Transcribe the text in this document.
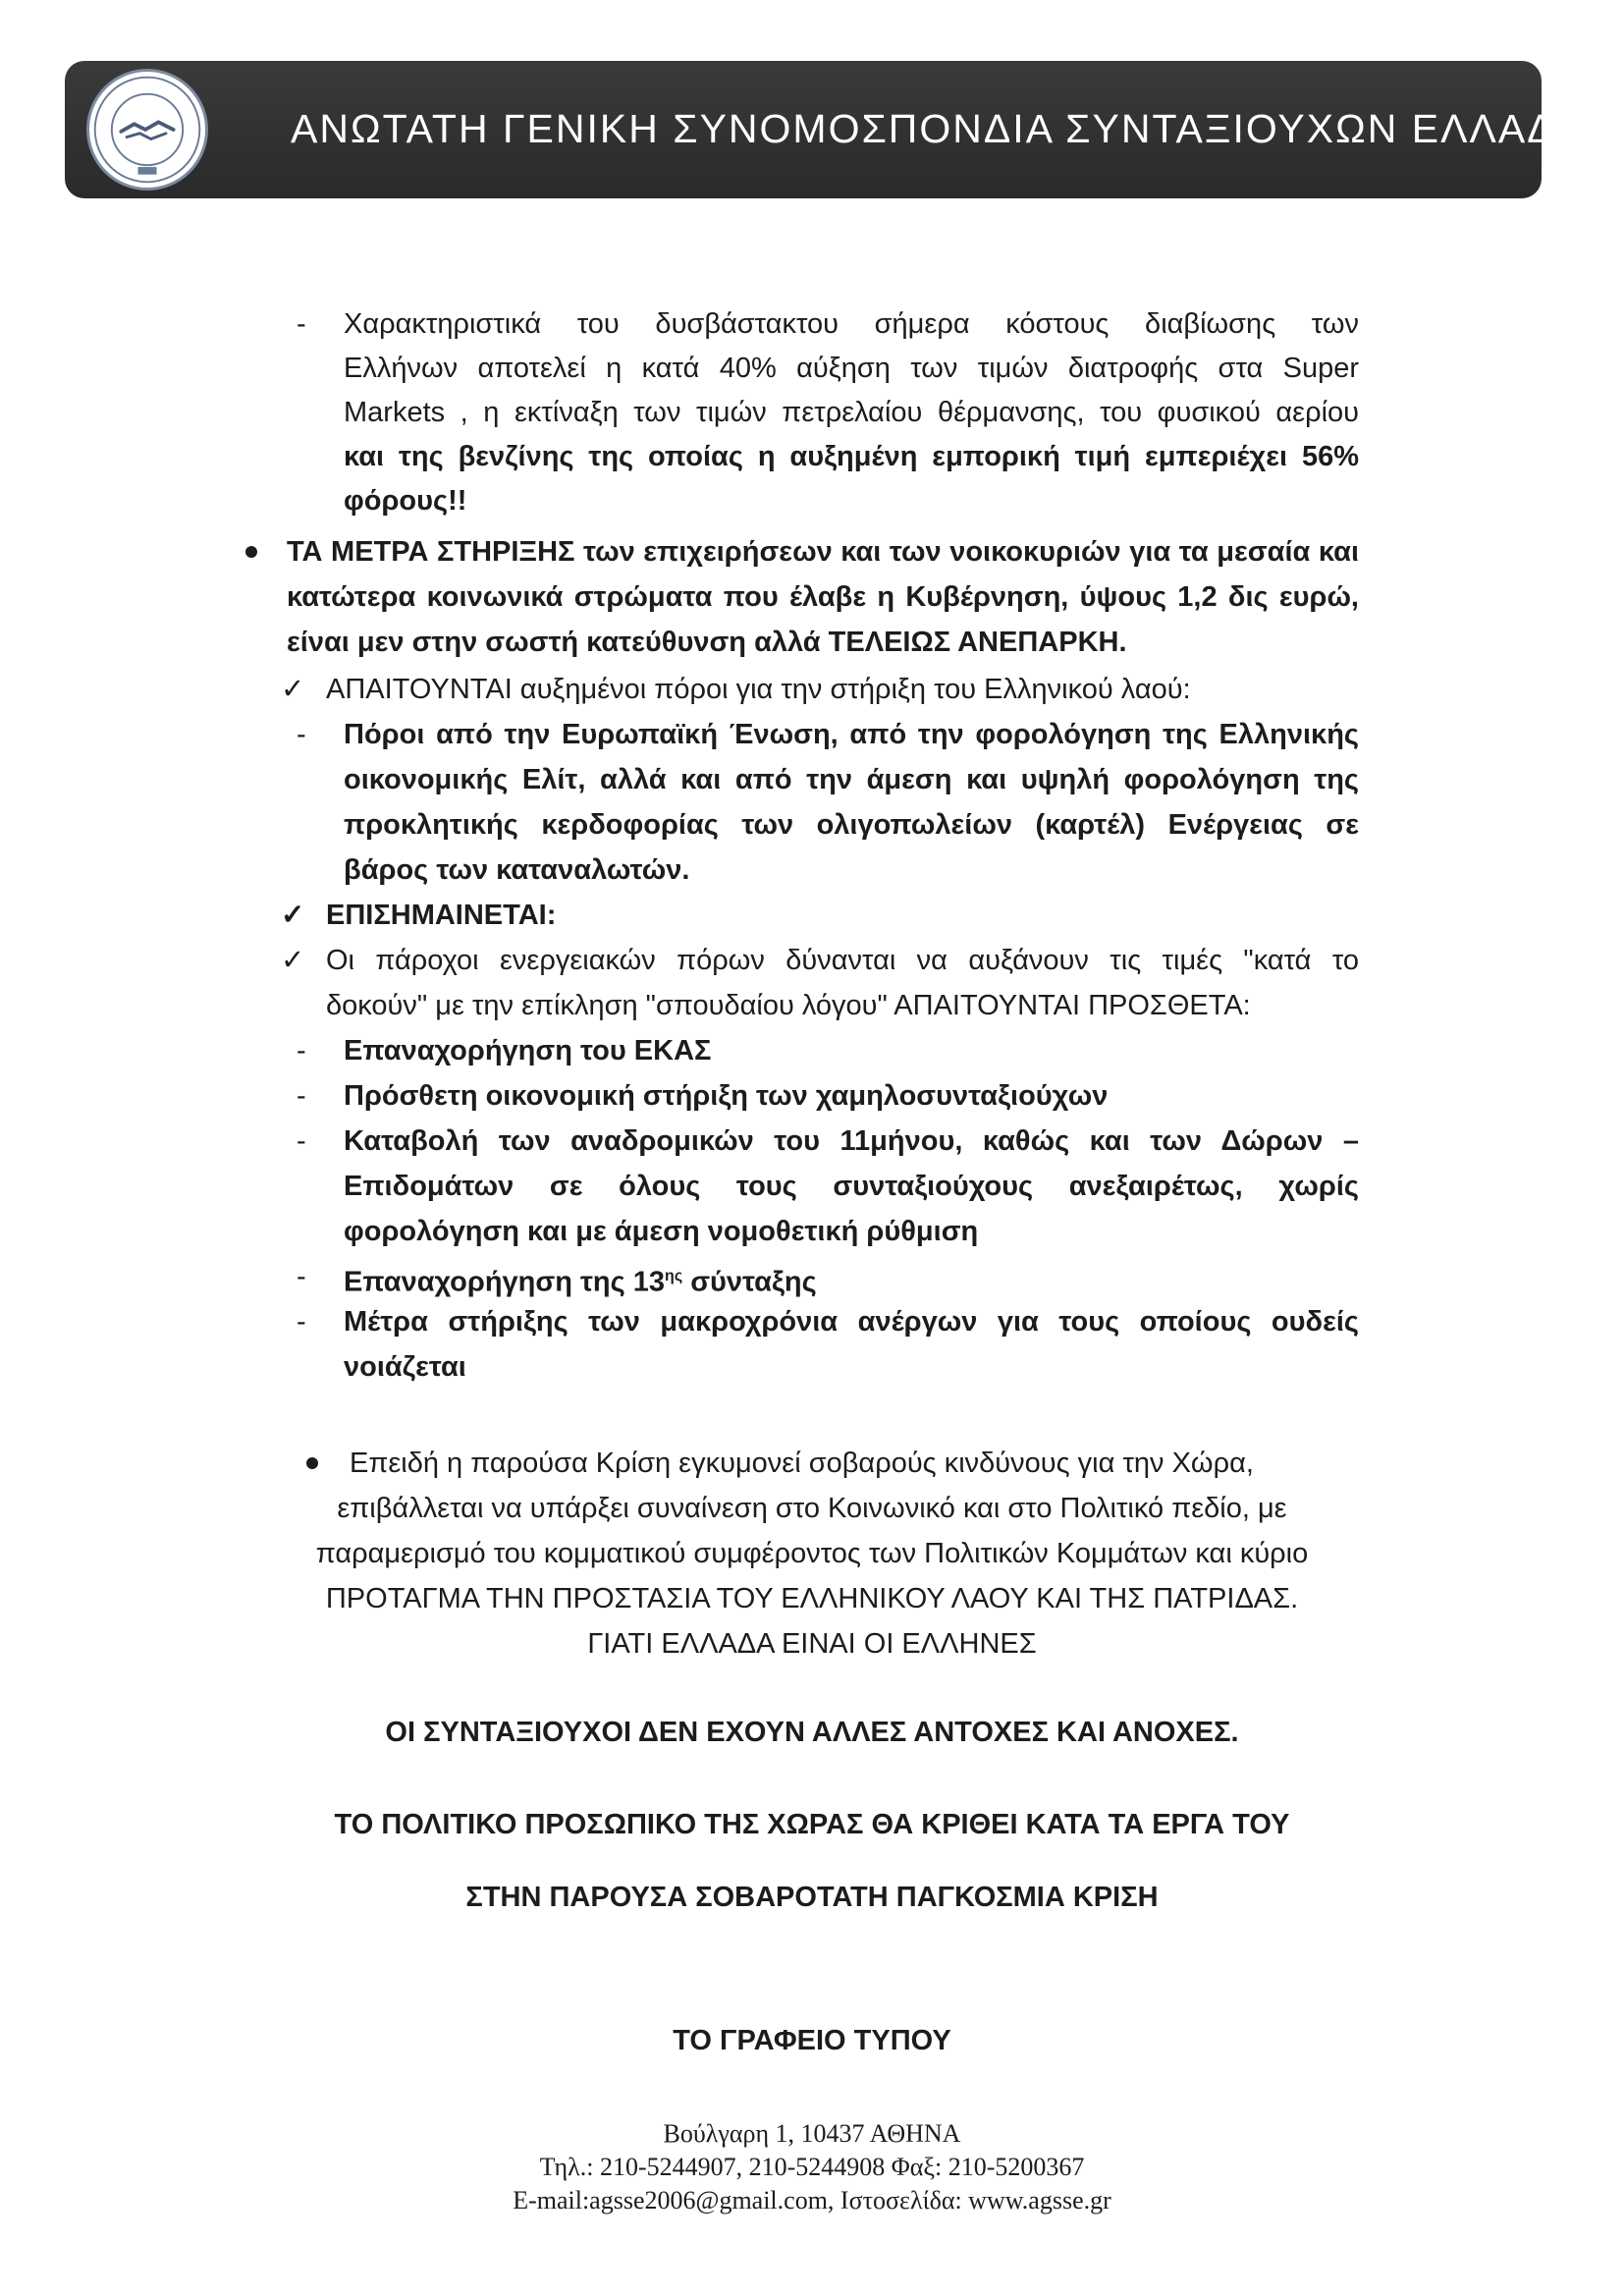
ΑΝΩΤΑΤΗ ΓΕΝΙΚΗ ΣΥΝΟΜΟΣΠΟΝΔΙΑ ΣΥΝΤΑΞΙΟΥΧΩΝ ΕΛΛΑΔΟΣ
- Χαρακτηριστικά του δυσβάστακτου σήμερα κόστους διαβίωσης των
Ελλήνων αποτελεί η κατά 40% αύξηση των τιμών διατροφής στα Super
Markets , η εκτίναξη των τιμών πετρελαίου θέρμανσης, του φυσικού αερίου
και της βενζίνης της οποίας η αυξημένη εμπορική τιμή εμπεριέχει 56%
φόρους!!
ΤΑ ΜΕΤΡΑ ΣΤΗΡΙΞΗΣ των επιχειρήσεων και των νοικοκυριών για τα μεσαία και
κατώτερα κοινωνικά στρώματα που έλαβε η Κυβέρνηση, ύψους 1,2 δις ευρώ,
είναι μεν στην σωστή κατεύθυνση αλλά ΤΕΛΕΙΩΣ ΑΝΕΠΑΡΚΗ.
✓ ΑΠΑΙΤΟΥΝΤΑΙ αυξημένοι πόροι για την στήριξη του Ελληνικού λαού:
- Πόροι από την Ευρωπαϊκή Ένωση, από την φορολόγηση της Ελληνικής
οικονομικής Ελίτ, αλλά και από την άμεση και υψηλή φορολόγηση της
προκλητικής κερδοφορίας των ολιγοπωλείων (καρτέλ) Ενέργειας σε
βάρος των καταναλωτών.
✓ ΕΠΙΣΗΜΑΙΝΕΤΑΙ:
✓ Οι πάροχοι ενεργειακών πόρων δύνανται να αυξάνουν τις τιμές "κατά το
δοκούν" με την επίκληση "σπουδαίου λόγου" ΑΠΑΙΤΟΥΝΤΑΙ ΠΡΟΣΘΕΤΑ:
- Επαναχορήγηση του ΕΚΑΣ
- Πρόσθετη οικονομική στήριξη των χαμηλοσυνταξιούχων
- Καταβολή των αναδρομικών του 11μήνου, καθώς και των Δώρων –
Επιδομάτων σε όλους τους συνταξιούχους ανεξαιρέτως, χωρίς
φορολόγηση και με άμεση νομοθετική ρύθμιση
- Επαναχορήγηση της $13^{\eta\varsigma}$ σύνταξης
- Μέτρα στήριξης των μακροχρόνια ανέργων για τους οποίους ουδείς
νοιάζεται
Επειδή η παρούσα Κρίση εγκυμονεί σοβαρούς κινδύνους για την Χώρα,
επιβάλλεται να υπάρξει συναίνεση στο Κοινωνικό και στο Πολιτικό πεδίο, με
παραμερισμό του κομματικού συμφέροντος των Πολιτικών Κομμάτων και κύριο
ΠΡΟΤΑΓΜΑ ΤΗΝ ΠΡΟΣΤΑΣΙΑ ΤΟΥ ΕΛΛΗΝΙΚΟΥ ΛΑΟΥ ΚΑΙ ΤΗΣ ΠΑΤΡΙΔΑΣ.
ΓΙΑΤΙ ΕΛΛΑΔΑ ΕΙΝΑΙ ΟΙ ΕΛΛΗΝΕΣ
ΟΙ ΣΥΝΤΑΞΙΟΥΧΟΙ ΔΕΝ ΕΧΟΥΝ ΑΛΛΕΣ ΑΝΤΟΧΕΣ ΚΑΙ ΑΝΟΧΕΣ.
ΤΟ ΠΟΛΙΤΙΚΟ ΠΡΟΣΩΠΙΚΟ ΤΗΣ ΧΩΡΑΣ ΘΑ ΚΡΙΘΕΙ ΚΑΤΑ ΤΑ ΕΡΓΑ ΤΟΥ
ΣΤΗΝ ΠΑΡΟΥΣΑ ΣΟΒΑΡΟΤΑΤΗ ΠΑΓΚΟΣΜΙΑ ΚΡΙΣΗ
ΤΟ ΓΡΑΦΕΙΟ ΤΥΠΟΥ
Βούλγαρη 1, 10437 ΑΘΗΝΑ
Τηλ.: 210-5244907, 210-5244908 Φαξ: 210-5200367
E-mail:agsse2006@gmail.com, Ιστοσελίδα: www.agsse.gr
